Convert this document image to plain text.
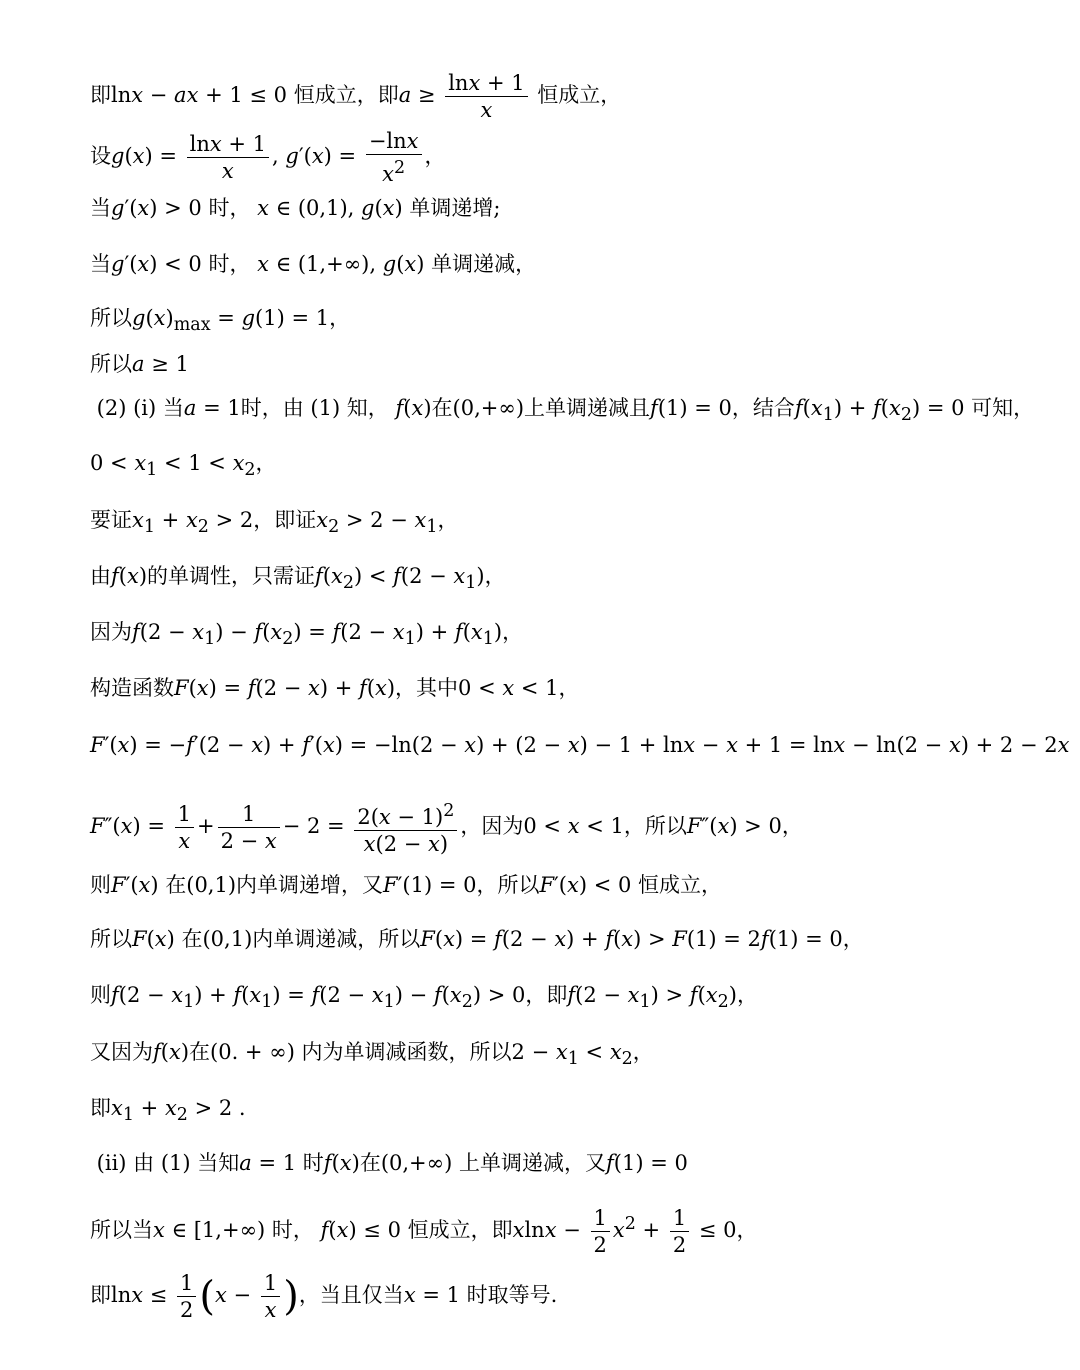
即lnx − ax + 1 ≤ 0 恒成立，即$a \ge \frac{\ln x + 1}{x}$ 恒成立，
设$g(x) = \frac{\ln x + 1}{x}$ , $g'(x) = \frac{-\ln x}{x^2}$ ，
当g′(x) > 0 时， x ∈ (0,1), g(x) 单调递增;
当g′(x) < 0 时， x ∈ (1,+∞), g(x) 单调递减，
所以$g(x)_{max} = g(1) = 1$，
所以a ≥ 1
(2) (i) 当a = 1时，由 (1) 知， f(x)在(0,+∞)上单调递减且f(1) = 0，结合$f(x_1) + f(x_2) = 0$ 可知，
$0 < x_1 < 1 < x_2$，
要证$x_1 + x_2 > 2$，即证$x_2 > 2 - x_1$，
由f(x)的单调性，只需证$f(x_2) < f(2 - x_1)$，
因为$f(2 - x_1) - f(x_2) = f(2 - x_1) + f(x_1)$，
构造函数F(x) = f(2 − x) + f(x)，其中0 < x < 1，
F′(x) = −f′(2 − x) + f′(x) = −ln(2 − x) + (2 − x) − 1 + lnx − x + 1 = lnx − ln(2 − x) + 2 − 2x
$F''(x) = \frac{1}{x} + \frac{1}{2 - x} - 2 = \frac{2(x - 1)^2}{x(2 - x)}$ ，因为0 < x < 1，所以F″(x) > 0，
则F′(x) 在(0,1)内单调递增，又F′(1) = 0，所以F′(x) < 0 恒成立，
所以F(x) 在(0,1)内单调递减，所以F(x) = f(2 − x) + f(x) > F(1) = 2f(1) = 0，
则$f(2 - x_1) + f(x_1) = f(2 - x_1) - f(x_2) > 0$，即$f(2 - x_1) > f(x_2)$，
又因为f(x)在(0. + ∞) 内为单调减函数，所以$2 - x_1 < x_2$，
即$x_1 + x_2 > 2$ .
(ii) 由 (1) 当知a = 1 时f(x)在(0,+∞) 上单调递减，又f(1) = 0
所以当x ∈ [1,+∞) 时， f(x) ≤ 0 恒成立，即$xlnx - \frac{1}{2} x^2 + \frac{1}{2} \le 0$，
即$\ln x \le \frac{1}{2} (x - \frac{1}{x}$ )，当且仅当x = 1 时取等号.
